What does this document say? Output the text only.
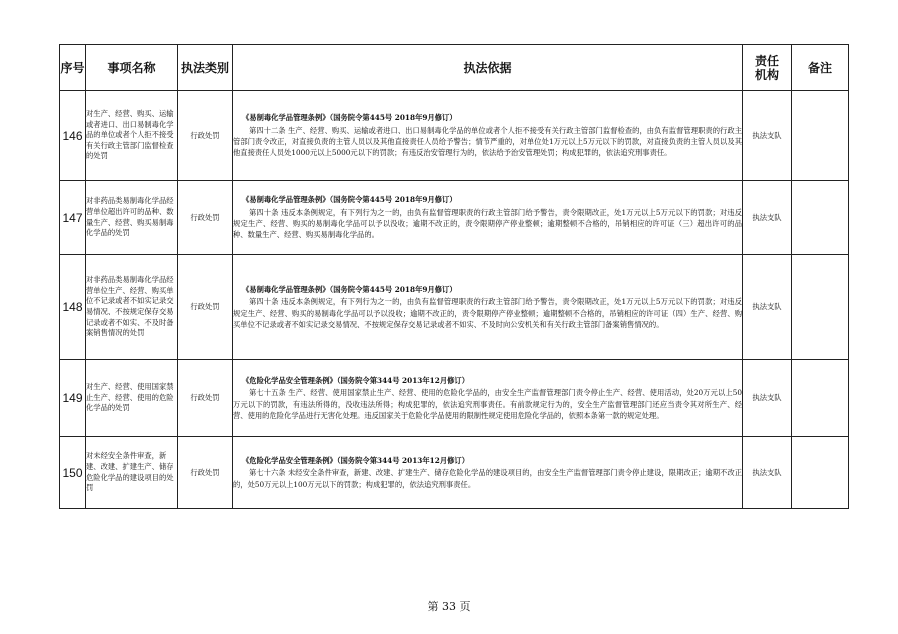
序号	事项名称	执法类别	执法依据	责任机构	备注
146	对生产、经营、购买、运输或者进口、出口易制毒化学品的单位或者个人拒不接受有关行政主管部门监督检查的处罚	行政处罚	《易制毒化学品管理条例》（国务院令第445号 2018年9月修订）
第四十二条 生产、经营、购买、运输或者进口、出口易制毒化学品的单位或者个人拒不接受有关行政主管部门监督检查的，由负有监督管理职责的行政主管部门责令改正，对直接负责的主管人员以及其他直接责任人员给予警告；情节严重的，对单位处1万元以上5万元以下的罚款，对直接负责的主管人员以及其他直接责任人员处1000元以上5000元以下的罚款；有违反治安管理行为的，依法给予治安管理处罚；构成犯罪的，依法追究刑事责任。	执法支队	
147	对非药品类易制毒化学品经营单位超出许可的品种、数量生产、经营、购买易制毒化学品的处罚	行政处罚	《易制毒化学品管理条例》（国务院令第445号 2018年9月修订）
第四十条 违反本条例规定，有下列行为之一的，由负有监督管理职责的行政主管部门给予警告，责令限期改正，处1万元以上5万元以下的罚款；对违反规定生产、经营、购买的易制毒化学品可以予以没收；逾期不改正的，责令限期停产停业整顿；逾期整顿不合格的，吊销相应的许可证（三）超出许可的品种、数量生产、经营、购买易制毒化学品的。	执法支队	
148	对非药品类易制毒化学品经营单位生产、经营、购买单位不记录或者不如实记录交易情况、不按规定保存交易记录或者不如实、不及时备案销售情况的处罚	行政处罚	《易制毒化学品管理条例》（国务院令第445号 2018年9月修订）
第四十条 违反本条例规定，有下列行为之一的，由负有监督管理职责的行政主管部门给予警告，责令限期改正，处1万元以上5万元以下的罚款；对违反规定生产、经营、购买的易制毒化学品可以予以没收；逾期不改正的，责令限期停产停业整顿；逾期整顿不合格的，吊销相应的许可证（四）生产、经营、购买单位不记录或者不如实记录交易情况、不按规定保存交易记录或者不如实、不及时向公安机关和有关行政主管部门备案销售情况的。	执法支队	
149	对生产、经营、使用国家禁止生产、经营、使用的危险化学品的处罚	行政处罚	《危险化学品安全管理条例》（国务院令第344号 2013年12月修订）
第七十五条 生产、经营、使用国家禁止生产、经营、使用的危险化学品的，由安全生产监督管理部门责令停止生产、经营、使用活动，处20万元以上50万元以下的罚款，有违法所得的，没收违法所得；构成犯罪的，依法追究刑事责任。有前款规定行为的，安全生产监督管理部门还应当责令其对所生产、经营、使用的危险化学品进行无害化处理。违反国家关于危险化学品使用的限制性规定使用危险化学品的，依照本条第一款的规定处理。	执法支队	
150	对未经安全条件审查，新建、改建、扩建生产、储存危险化学品的建设项目的处罚	行政处罚	《危险化学品安全管理条例》（国务院令第344号 2013年12月修订）
第七十六条 未经安全条件审查，新建、改建、扩建生产、储存危险化学品的建设项目的，由安全生产监督管理部门责令停止建设，限期改正；逾期不改正的，处50万元以上100万元以下的罚款；构成犯罪的，依法追究刑事责任。	执法支队	
第 33 页
